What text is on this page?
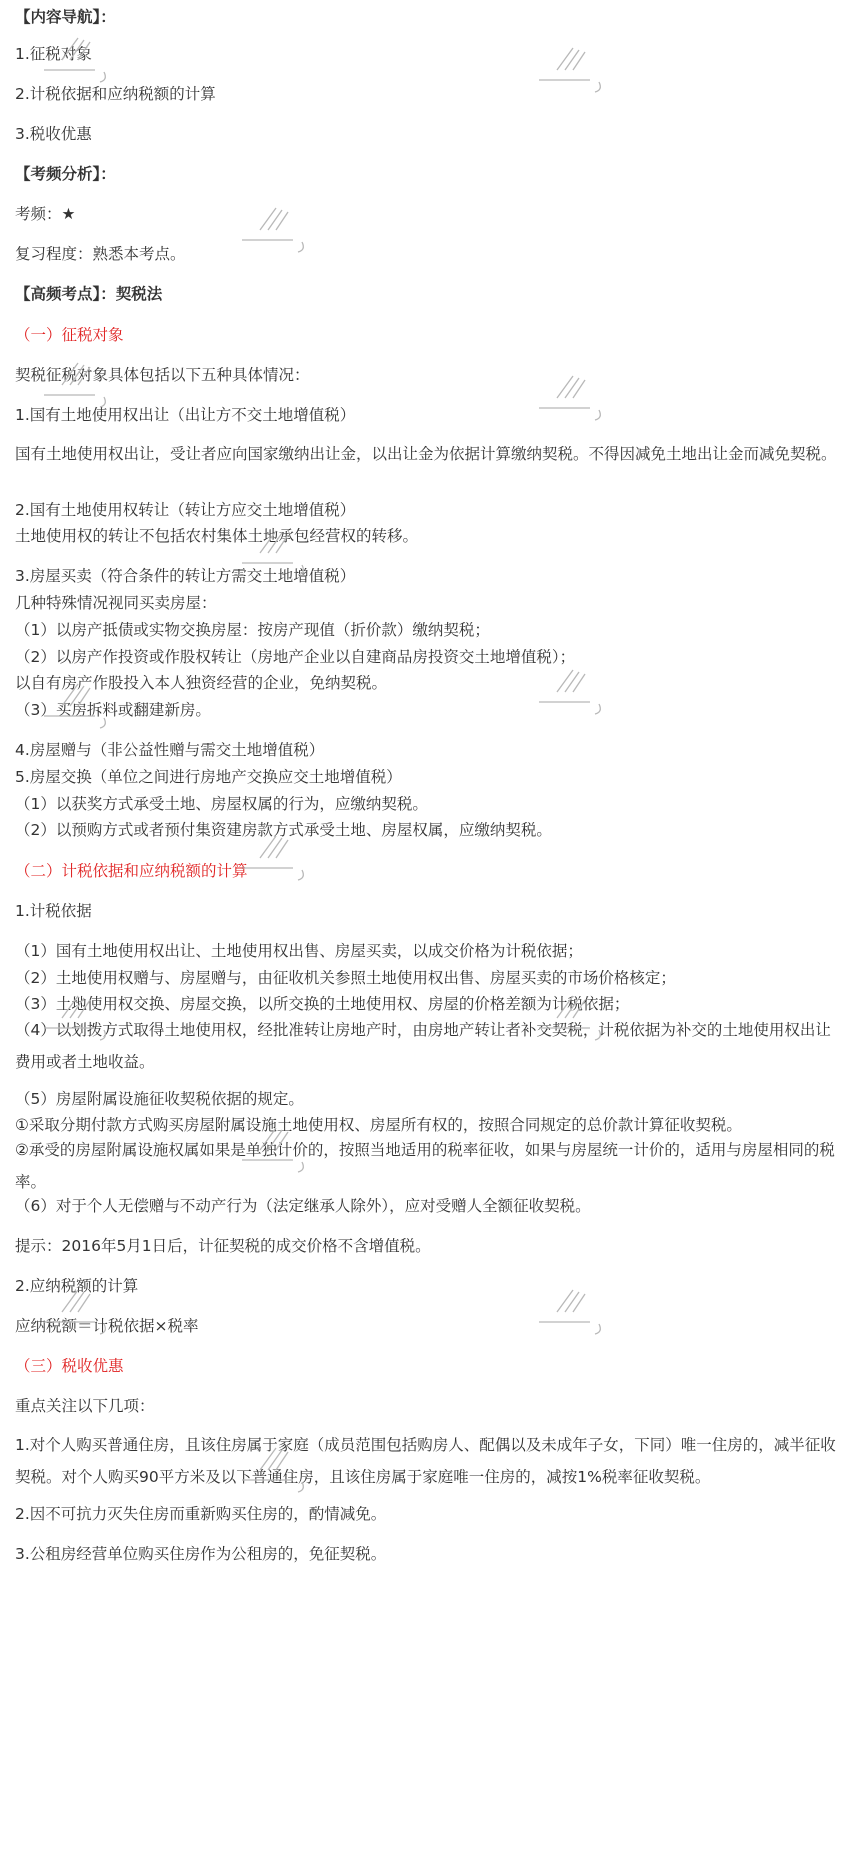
【内容导航】：
1.征税对象
2.计税依据和应纳税额的计算
3.税收优惠
【考频分析】：
考频：★
复习程度：熟悉本考点。
【高频考点】：契税法
（一）征税对象
契税征税对象具体包括以下五种具体情况：
1.国有土地使用权出让（出让方不交土地增值税）
国有土地使用权出让，受让者应向国家缴纳出让金，以出让金为依据计算缴纳契税。不得因减免土地出让金而减免契税。
2.国有土地使用权转让（转让方应交土地增值税）
土地使用权的转让不包括农村集体土地承包经营权的转移。
3.房屋买卖（符合条件的转让方需交土地增值税）
几种特殊情况视同买卖房屋：
（1）以房产抵债或实物交换房屋：按房产现值（折价款）缴纳契税；
（2）以房产作投资或作股权转让（房地产企业以自建商品房投资交土地增值税）；
以自有房产作股投入本人独资经营的企业，免纳契税。
（3）买房拆料或翻建新房。
4.房屋赠与（非公益性赠与需交土地增值税）
5.房屋交换（单位之间进行房地产交换应交土地增值税）
（1）以获奖方式承受土地、房屋权属的行为，应缴纳契税。
（2）以预购方式或者预付集资建房款方式承受土地、房屋权属，应缴纳契税。
（二）计税依据和应纳税额的计算
1.计税依据
（1）国有土地使用权出让、土地使用权出售、房屋买卖，以成交价格为计税依据；
（2）土地使用权赠与、房屋赠与，由征收机关参照土地使用权出售、房屋买卖的市场价格核定；
（3）土地使用权交换、房屋交换，以所交换的土地使用权、房屋的价格差额为计税依据；
（4）以划拨方式取得土地使用权，经批准转让房地产时，由房地产转让者补交契税，计税依据为补交的土地使用权出让费用或者土地收益。
（5）房屋附属设施征收契税依据的规定。
①采取分期付款方式购买房屋附属设施土地使用权、房屋所有权的，按照合同规定的总价款计算征收契税。
②承受的房屋附属设施权属如果是单独计价的，按照当地适用的税率征收，如果与房屋统一计价的，适用与房屋相同的税率。
（6）对于个人无偿赠与不动产行为（法定继承人除外），应对受赠人全额征收契税。
提示：2016年5月1日后，计征契税的成交价格不含增值税。
2.应纳税额的计算
应纳税额＝计税依据×税率
（三）税收优惠
重点关注以下几项：
1.对个人购买普通住房，且该住房属于家庭（成员范围包括购房人、配偶以及未成年子女，下同）唯一住房的，减半征收契税。对个人购买90平方米及以下普通住房，且该住房属于家庭唯一住房的，减按1%税率征收契税。
2.因不可抗力灭失住房而重新购买住房的，酌情减免。
3.公租房经营单位购买住房作为公租房的，免征契税。
